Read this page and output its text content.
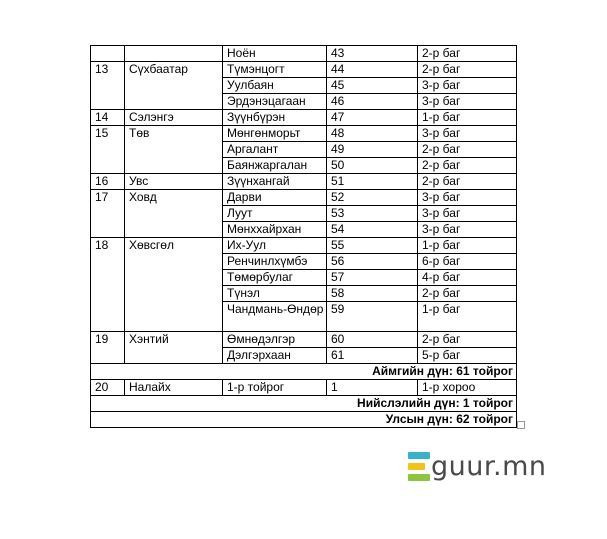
		Ноён	43	2-р баг
13	Сүхбаатар	Түмэнцогт	44	2-р баг
		Уулбаян	45	3-р баг
		Эрдэнэцагаан	46	3-р баг
14	Сэлэнгэ	Зүүнбүрэн	47	1-р баг
15	Төв	Мөнгөнморьт	48	3-р баг
		Аргалант	49	2-р баг
		Баянжаргалан	50	2-р баг
16	Увс	Зүүнхангай	51	2-р баг
17	Ховд	Дарви	52	3-р баг
		Луут	53	3-р баг
		Мөнххайрхан	54	3-р баг
18	Хөвсгөл	Их-Уул	55	1-р баг
		Ренчинлхүмбэ	56	6-р баг
		Төмөрбулаг	57	4-р баг
		Түнэл	58	2-р баг
		Чандмань-Өндөр	59	1-р баг
19	Хэнтий	Өмнөдэлгэр	60	2-р баг
		Дэлгэрхаан	61	5-р баг
Аймгийн дүн: 61 тойрог				
20	Налайх	1-р тойрог	1	1-р хороо
Нийслэлийн дүн: 1 тойрог				
Улсын дүн: 62 тойрог				
guur.mn
